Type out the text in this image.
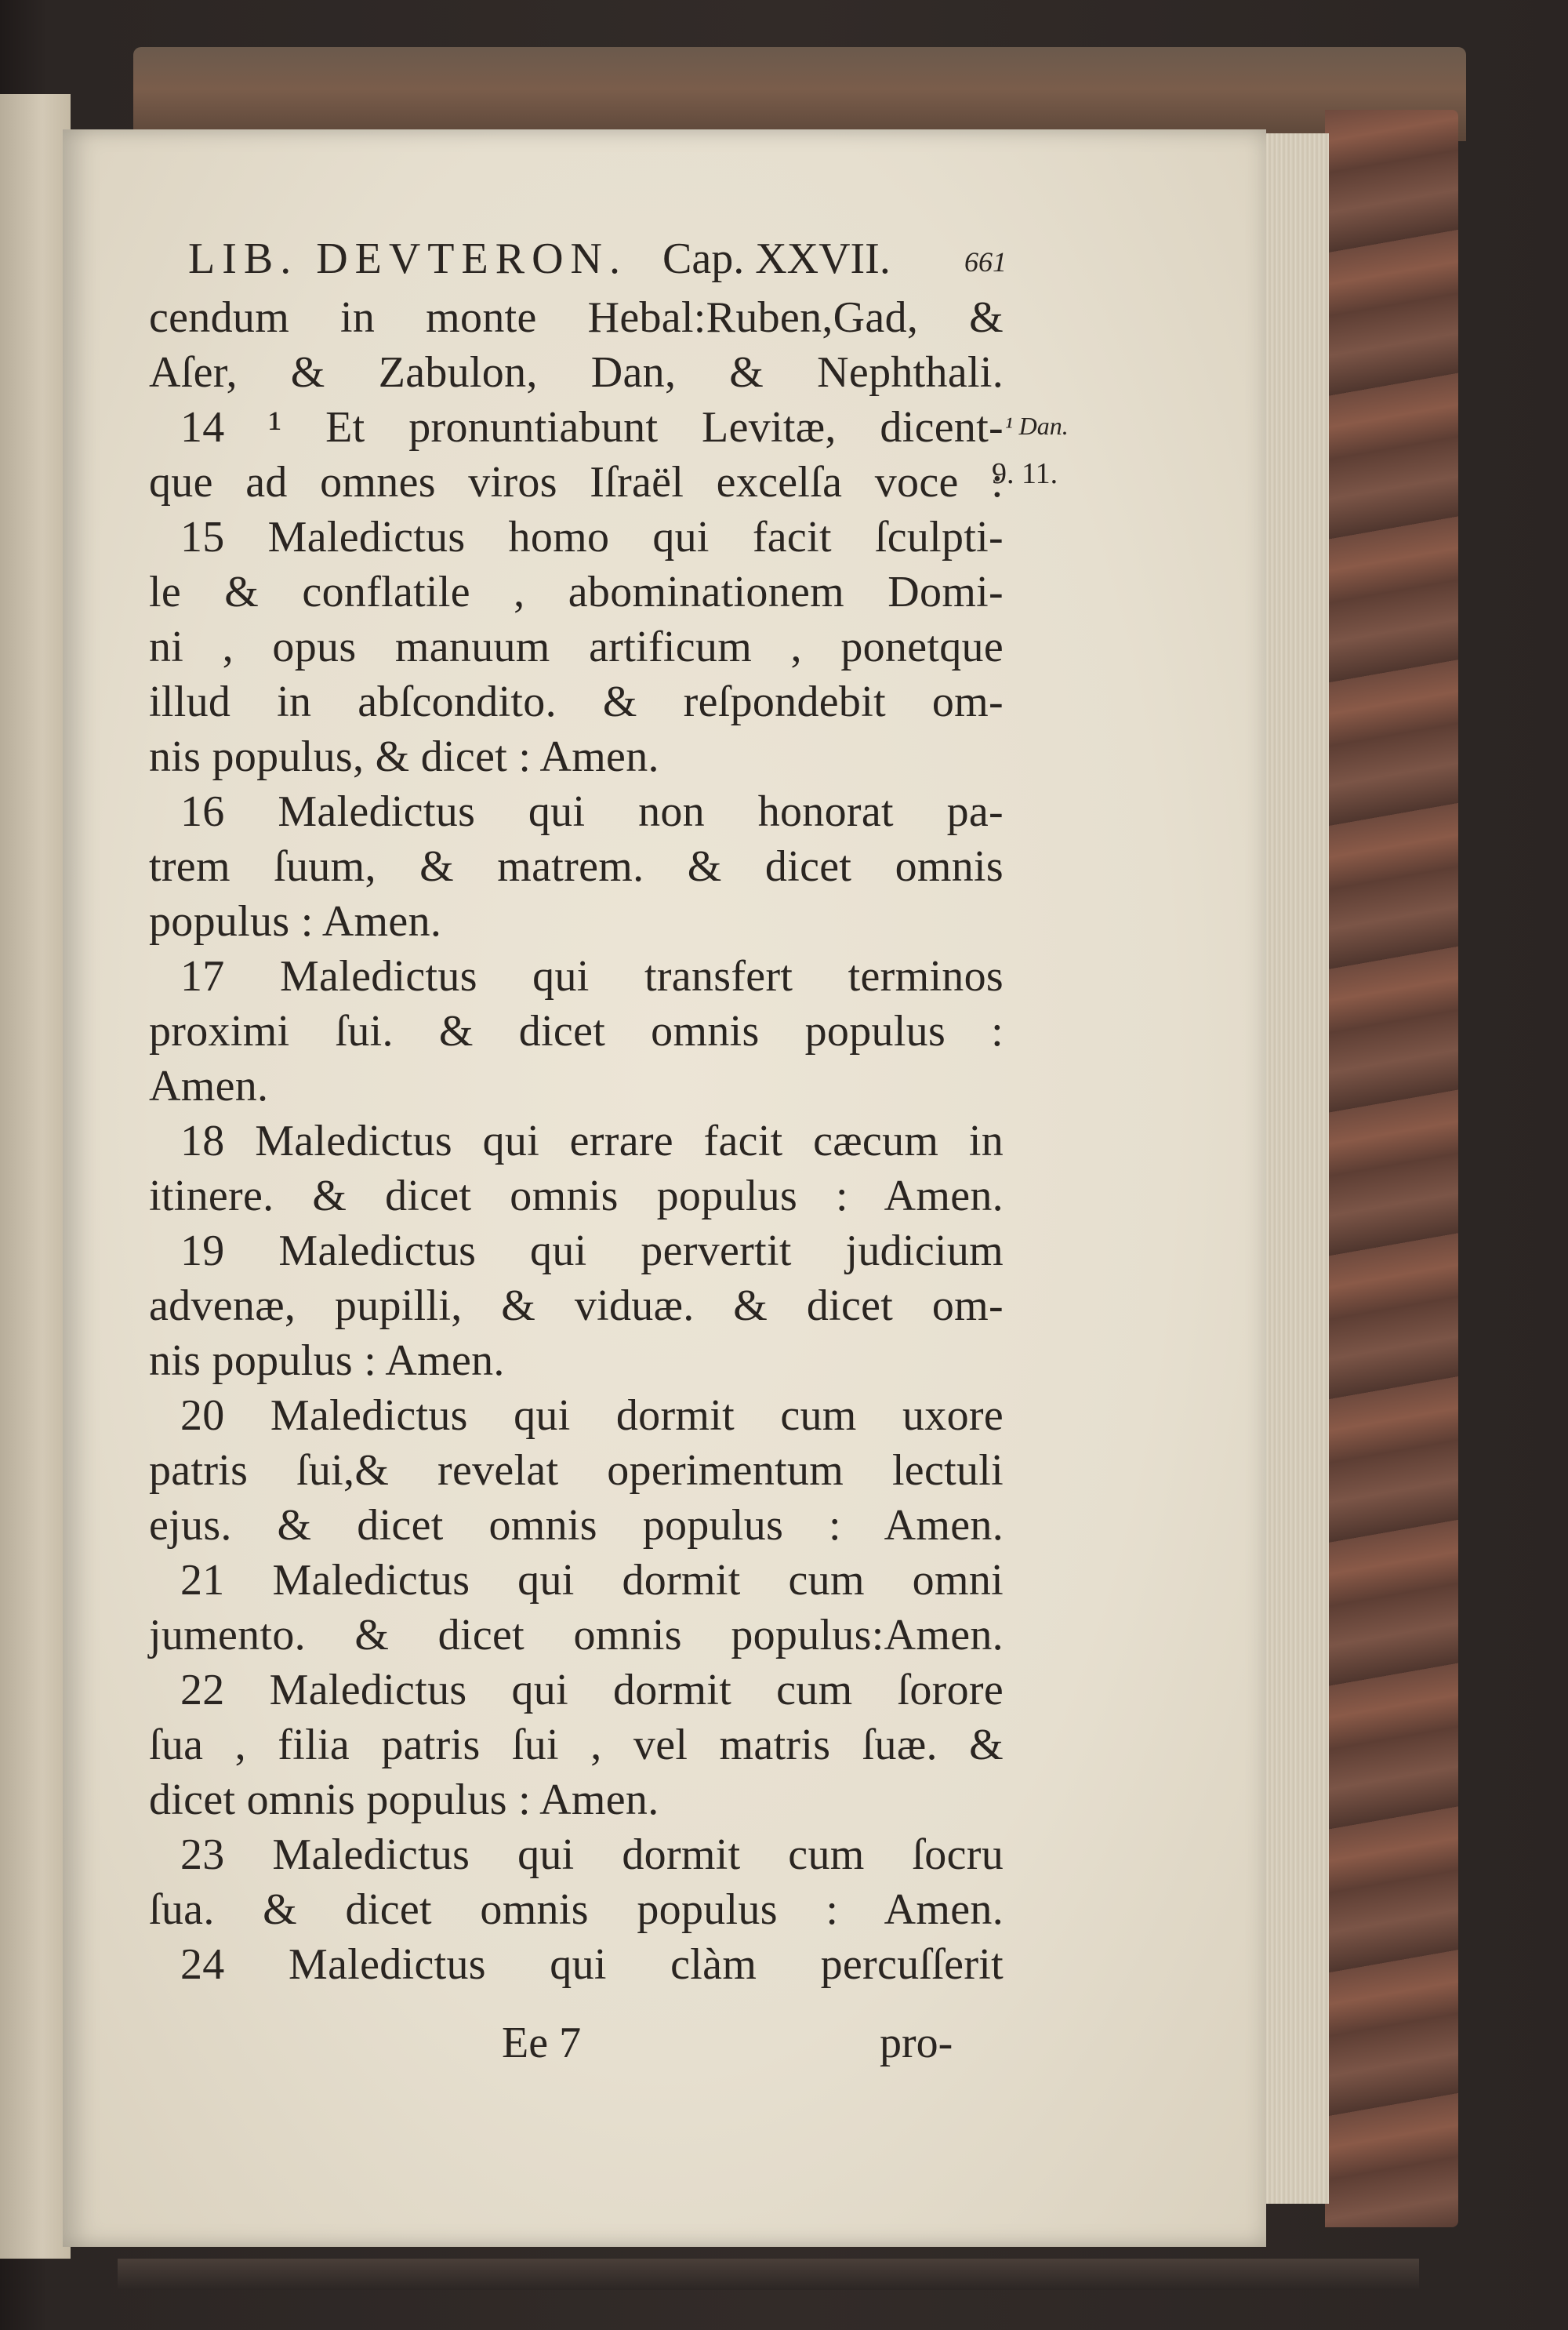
LIB. DEVTERON. Cap. XXVII.	661
¹ Dan.
9. 11.
cendum in monte Hebal:Ruben,Gad, &
Aſer, & Zabulon, Dan, & Nephthali.
14 ¹ Et pronuntiabunt Levitæ, dicent-
que ad omnes viros Iſraël excelſa voce :
15 Maledictus homo qui facit ſculpti-
le & conflatile , abominationem Domi-
ni , opus manuum artificum , ponetque
illud in abſcondito. & reſpondebit om-
nis populus, & dicet : Amen.
16 Maledictus qui non honorat pa-
trem ſuum, & matrem. & dicet omnis
populus : Amen.
17 Maledictus qui transfert terminos
proximi ſui. & dicet omnis populus :
Amen.
18 Maledictus qui errare facit cæcum in
itinere. & dicet omnis populus : Amen.
19 Maledictus qui pervertit judicium
advenæ, pupilli, & viduæ. & dicet om-
nis populus : Amen.
20 Maledictus qui dormit cum uxore
patris ſui,& revelat operimentum lectuli
ejus. & dicet omnis populus : Amen.
21 Maledictus qui dormit cum omni
jumento. & dicet omnis populus:Amen.
22 Maledictus qui dormit cum ſorore
ſua , filia patris ſui , vel matris ſuæ. &
dicet omnis populus : Amen.
23 Maledictus qui dormit cum ſocru
ſua. & dicet omnis populus : Amen.
24 Maledictus qui clàm percuſſerit
Ee 7	pro-
